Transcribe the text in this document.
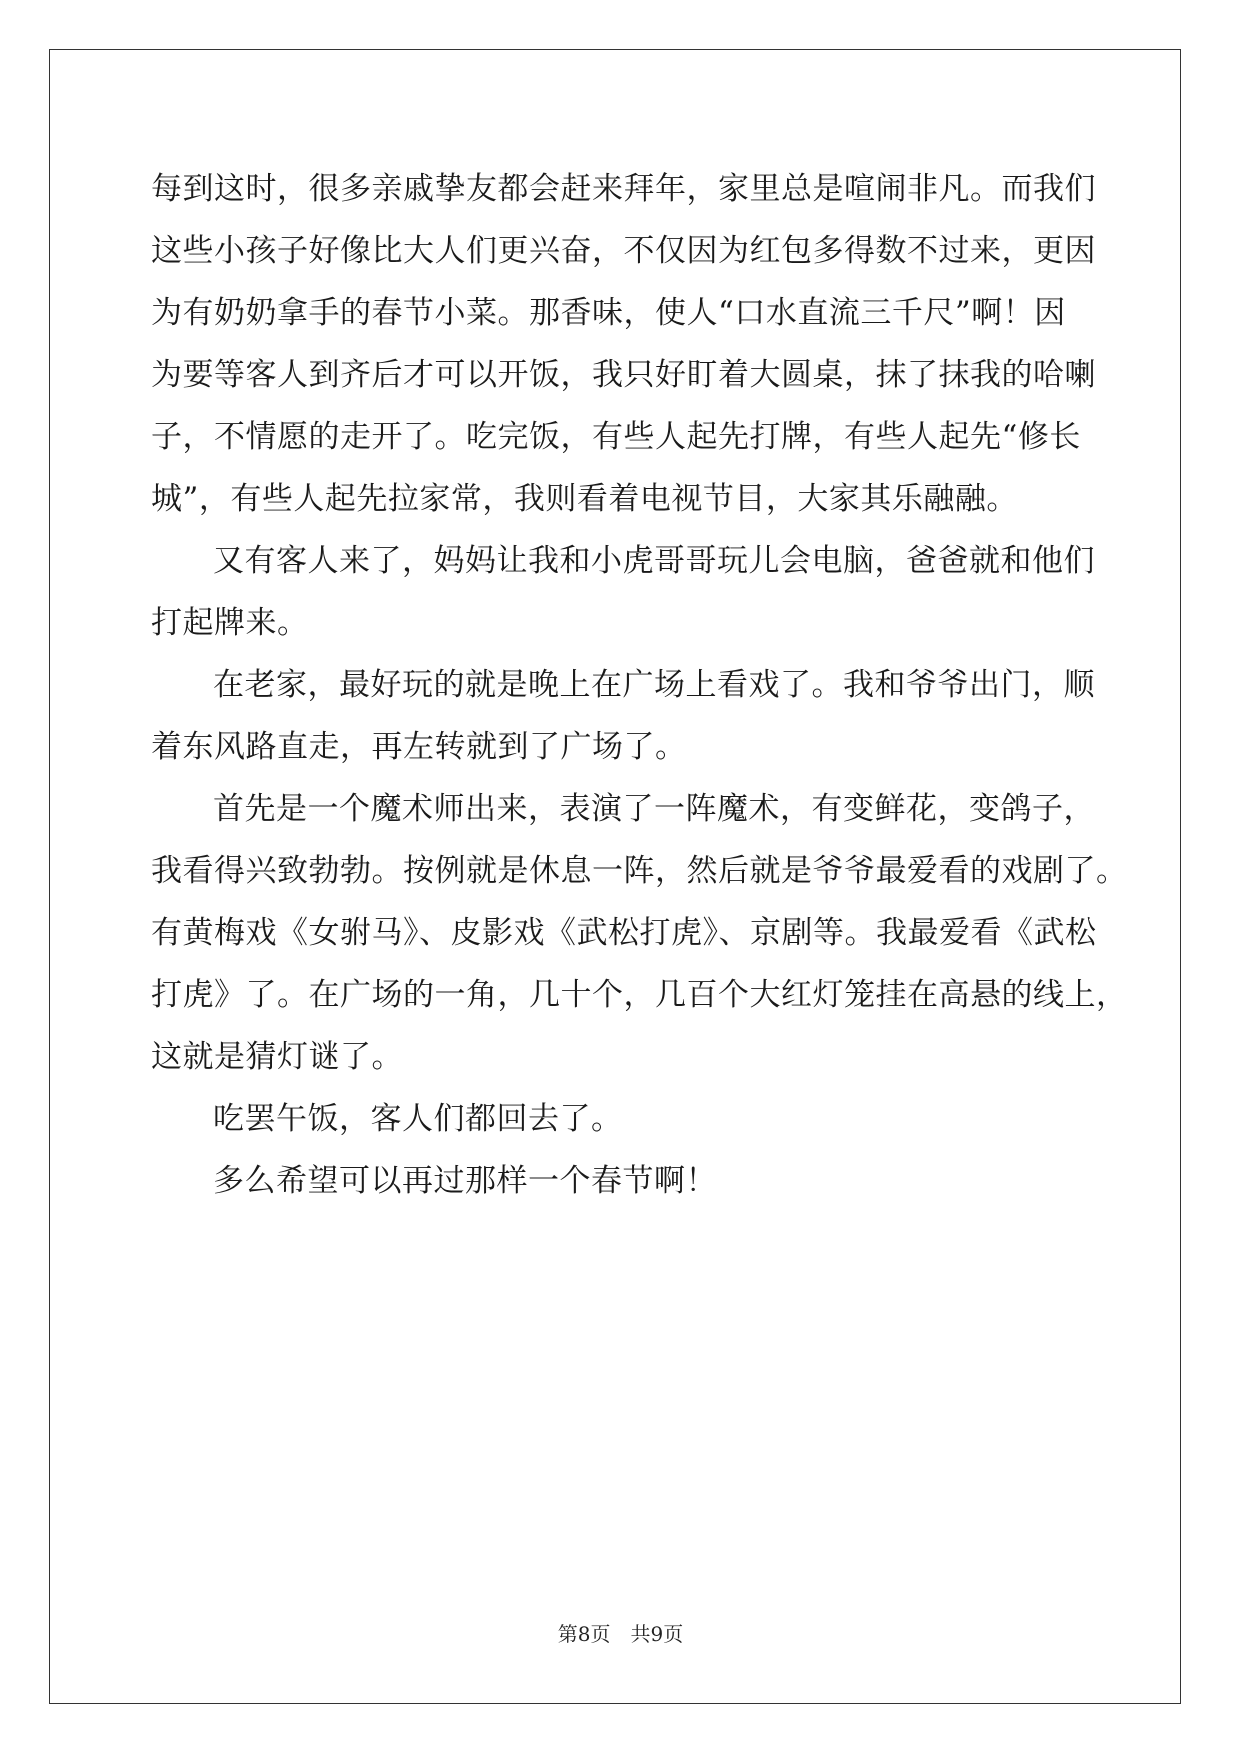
每到这时，很多亲戚挚友都会赶来拜年，家里总是喧闹非凡。而我们
这些小孩子好像比大人们更兴奋，不仅因为红包多得数不过来，更因
为有奶奶拿手的春节小菜。那香味，使人“口水直流三千尺”啊！因
为要等客人到齐后才可以开饭，我只好盯着大圆桌，抹了抹我的哈喇
子，不情愿的走开了。吃完饭，有些人起先打牌，有些人起先“修长
城”，有些人起先拉家常，我则看着电视节目，大家其乐融融。
又有客人来了，妈妈让我和小虎哥哥玩儿会电脑，爸爸就和他们
打起牌来。
在老家，最好玩的就是晚上在广场上看戏了。我和爷爷出门，顺
着东风路直走，再左转就到了广场了。
首先是一个魔术师出来，表演了一阵魔术，有变鲜花，变鸽子，
我看得兴致勃勃。按例就是休息一阵，然后就是爷爷最爱看的戏剧了。
有黄梅戏《女驸马》、皮影戏《武松打虎》、京剧等。我最爱看《武松
打虎》了。在广场的一角，几十个，几百个大红灯笼挂在高悬的线上，
这就是猜灯谜了。
吃罢午饭，客人们都回去了。
多么希望可以再过那样一个春节啊！
第8页　共9页
